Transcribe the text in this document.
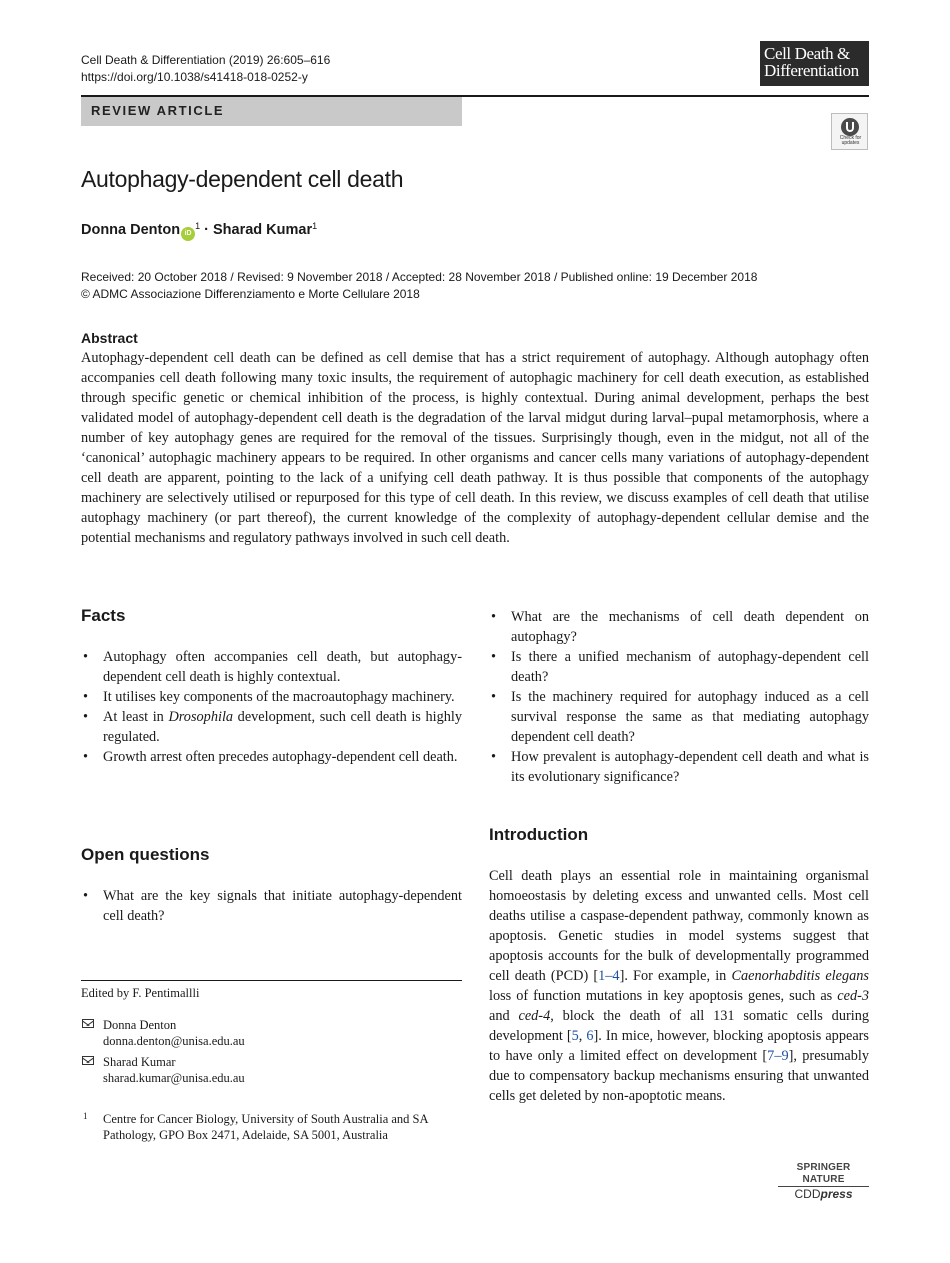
Cell Death & Differentiation (2019) 26:605–616
https://doi.org/10.1038/s41418-018-0252-y
Cell Death &
Differentiation
REVIEW ARTICLE
Check for
updates
Autophagy-dependent cell death
Donna Denton $iD^1$ · Sharad Kumar$^1$
Received: 20 October 2018 / Revised: 9 November 2018 / Accepted: 28 November 2018 / Published online: 19 December 2018
© ADMC Associazione Differenziamento e Morte Cellulare 2018
Abstract
Autophagy-dependent cell death can be defined as cell demise that has a strict requirement of autophagy. Although autophagy often accompanies cell death following many toxic insults, the requirement of autophagic machinery for cell death execution, as established through specific genetic or chemical inhibition of the process, is highly contextual. During animal development, perhaps the best validated model of autophagy-dependent cell death is the degradation of the larval midgut during larval–pupal metamorphosis, where a number of key autophagy genes are required for the removal of the tissues. Surprisingly though, even in the midgut, not all of the ‘canonical’ autophagic machinery appears to be required. In other organisms and cancer cells many variations of autophagy-dependent cell death are apparent, pointing to the lack of a unifying cell death pathway. It is thus possible that components of the autophagy machinery are selectively utilised or repurposed for this type of cell death. In this review, we discuss examples of cell death that utilise autophagy machinery (or part thereof), the current knowledge of the complexity of autophagy-dependent cellular demise and the potential mechanisms and regulatory pathways involved in such cell death.
Facts
• Autophagy often accompanies cell death, but autophagy-dependent cell death is highly contextual.
• It utilises key components of the macroautophagy machinery.
• At least in Drosophila development, such cell death is highly regulated.
• Growth arrest often precedes autophagy-dependent cell death.
Open questions
• What are the key signals that initiate autophagy-dependent cell death?
• What are the mechanisms of cell death dependent on autophagy?
• Is there a unified mechanism of autophagy-dependent cell death?
• Is the machinery required for autophagy induced as a cell survival response the same as that mediating autophagy dependent cell death?
• How prevalent is autophagy-dependent cell death and what is its evolutionary significance?
Edited by F. Pentimallli
Donna Denton
donna.denton@unisa.edu.au
Sharad Kumar
sharad.kumar@unisa.edu.au
1 Centre for Cancer Biology, University of South Australia and SA Pathology, GPO Box 2471, Adelaide, SA 5001, Australia
Introduction
Cell death plays an essential role in maintaining organismal homoeostasis by deleting excess and unwanted cells. Most cell deaths utilise a caspase-dependent pathway, commonly known as apoptosis. Genetic studies in model systems suggest that apoptosis accounts for the bulk of developmentally programmed cell death (PCD) [1–4]. For example, in Caenorhabditis elegans loss of function mutations in key apoptosis genes, such as ced-3 and ced-4, block the death of all 131 somatic cells during development [5, 6]. In mice, however, blocking apoptosis appears to have only a limited effect on development [7–9], presumably due to compensatory backup mechanisms ensuring that unwanted cells get deleted by non-apoptotic means.
SPRINGER NATURE
CDDpress
